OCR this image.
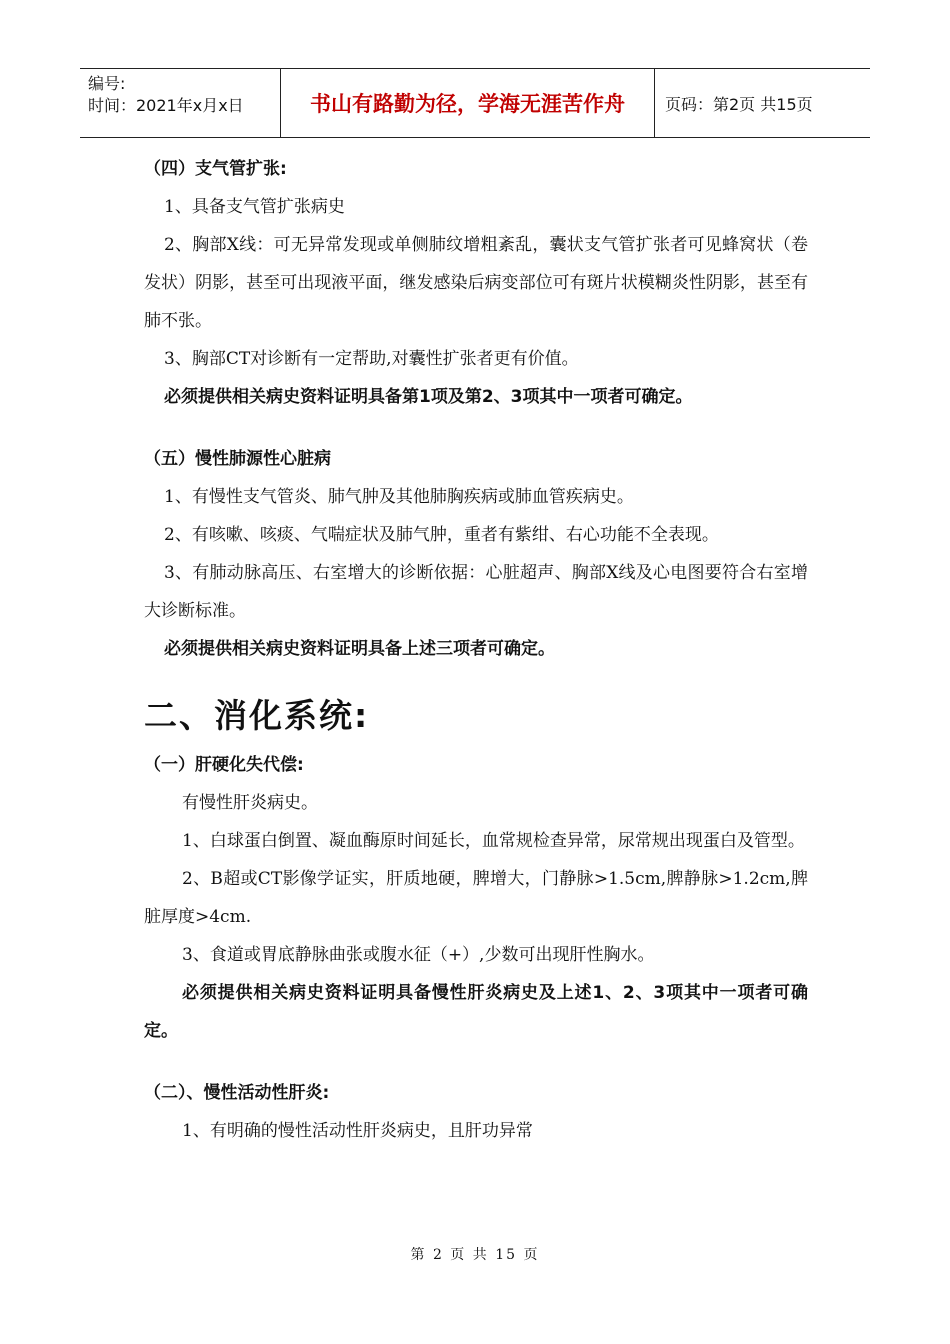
编号:
时间：2021年x月x日	书山有路勤为径，学海无涯苦作舟	页码：第2页 共15页
（四）支气管扩张:
1、具备支气管扩张病史
2、胸部X线：可无异常发现或单侧肺纹增粗紊乱，囊状支气管扩张者可见蜂窝状（卷发状）阴影，甚至可出现液平面，继发感染后病变部位可有斑片状模糊炎性阴影，甚至有肺不张。
3、胸部CT对诊断有一定帮助,对囊性扩张者更有价值。
必须提供相关病史资料证明具备第1项及第2、3项其中一项者可确定。
（五）慢性肺源性心脏病
1、有慢性支气管炎、肺气肿及其他肺胸疾病或肺血管疾病史。
2、有咳嗽、咳痰、气喘症状及肺气肿，重者有紫绀、右心功能不全表现。
3、有肺动脉高压、右室增大的诊断依据：心脏超声、胸部X线及心电图要符合右室增大诊断标准。
必须提供相关病史资料证明具备上述三项者可确定。
二、消化系统:
（一）肝硬化失代偿:
有慢性肝炎病史。
1、白球蛋白倒置、凝血酶原时间延长，血常规检查异常，尿常规出现蛋白及管型。
2、B超或CT影像学证实，肝质地硬，脾增大，门静脉>1.5cm,脾静脉>1.2cm,脾脏厚度>4cm.
3、食道或胃底静脉曲张或腹水征（+）,少数可出现肝性胸水。
必须提供相关病史资料证明具备慢性肝炎病史及上述1、2、3项其中一项者可确定。
（二）、慢性活动性肝炎:
1、有明确的慢性活动性肝炎病史，且肝功异常
第 2 页 共 15 页
